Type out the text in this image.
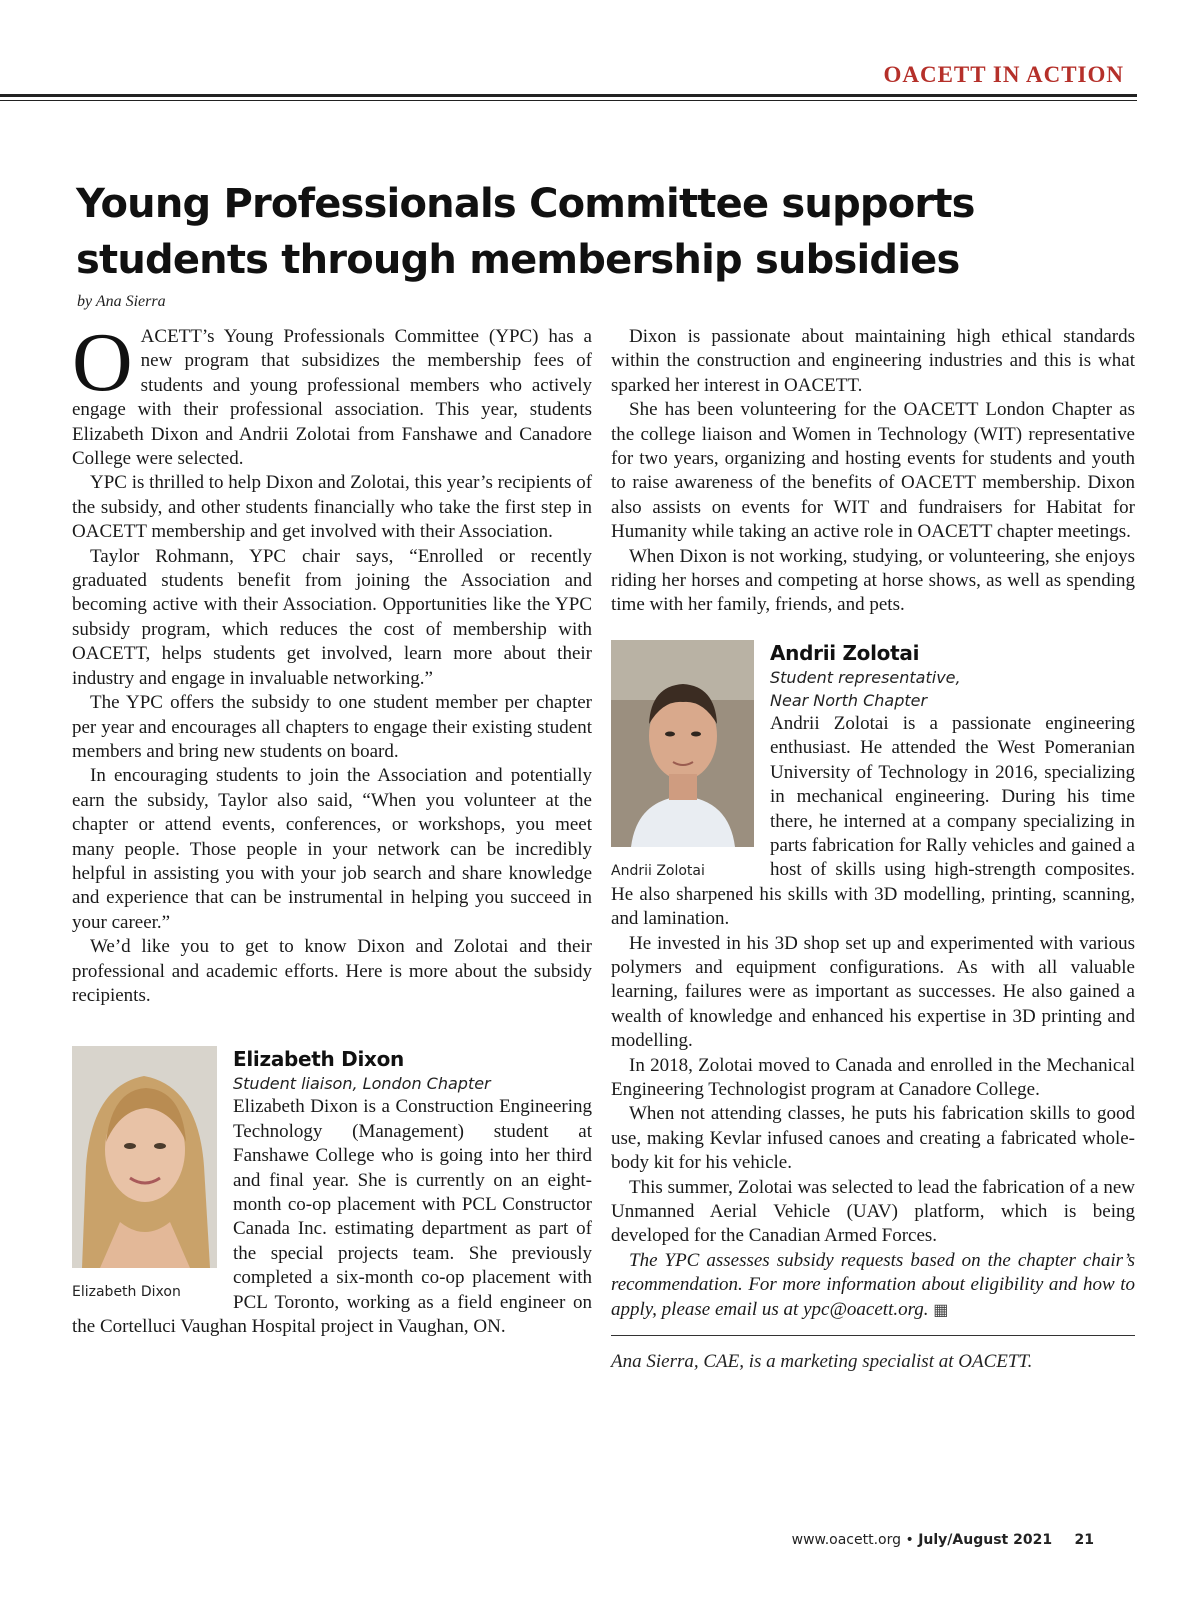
OACETT IN ACTION
Young Professionals Committee supports students through membership subsidies
by Ana Sierra

OACETT’s Young Professionals Committee (YPC) has a new program that subsidizes the membership fees of students and young professional members who actively engage with their professional association. This year, students Elizabeth Dixon and Andrii Zolotai from Fanshawe and Canadore College were selected.

YPC is thrilled to help Dixon and Zolotai, this year’s recipients of the subsidy, and other students financially who take the first step in OACETT membership and get involved with their Association.

Taylor Rohmann, YPC chair says, “Enrolled or recently graduated students benefit from joining the Association and becoming active with their Association. Opportunities like the YPC subsidy program, which reduces the cost of membership with OACETT, helps students get involved, learn more about their industry and engage in invaluable networking.”

The YPC offers the subsidy to one student member per chapter per year and encourages all chapters to engage their existing student members and bring new students on board.

In encouraging students to join the Association and potentially earn the subsidy, Taylor also said, “When you volunteer at the chapter or attend events, conferences, or workshops, you meet many people. Those people in your network can be incredibly helpful in assisting you with your job search and share knowledge and experience that can be instrumental in helping you succeed in your career.”

We’d like you to get to know Dixon and Zolotai and their professional and academic efforts. Here is more about the subsidy recipients.

Elizabeth Dixon
Elizabeth Dixon
Student liaison, London Chapter

Elizabeth Dixon is a Construction Engineering Technology (Management) student at Fanshawe College who is going into her third and final year. She is currently on an eight-month co-op placement with PCL Constructor Canada Inc. estimating department as part of the special projects team. She previously completed a six-month co-op placement with PCL Toronto, working as a field engineer on the Cortelluci Vaughan Hospital project in Vaughan, ON.

Dixon is passionate about maintaining high ethical standards within the construction and engineering industries and this is what sparked her interest in OACETT.

She has been volunteering for the OACETT London Chapter as the college liaison and Women in Technology (WIT) representative for two years, organizing and hosting events for students and youth to raise awareness of the benefits of OACETT membership. Dixon also assists on events for WIT and fundraisers for Habitat for Humanity while taking an active role in OACETT chapter meetings.

When Dixon is not working, studying, or volunteering, she enjoys riding her horses and competing at horse shows, as well as spending time with her family, friends, and pets.

Andrii Zolotai
Andrii Zolotai
Student representative,
Near North Chapter

Andrii Zolotai is a passionate engineering enthusiast. He attended the West Pomeranian University of Technology in 2016, specializing in mechanical engineering. During his time there, he interned at a company specializing in parts fabrication for Rally vehicles and gained a host of skills using high-strength composites. He also sharpened his skills with 3D modelling, printing, scanning, and lamination.

He invested in his 3D shop set up and experimented with various polymers and equipment configurations. As with all valuable learning, failures were as important as successes. He also gained a wealth of knowledge and enhanced his expertise in 3D printing and modelling.

In 2018, Zolotai moved to Canada and enrolled in the Mechanical Engineering Technologist program at Canadore College.

When not attending classes, he puts his fabrication skills to good use, making Kevlar infused canoes and creating a fabricated whole-body kit for his vehicle.

This summer, Zolotai was selected to lead the fabrication of a new Unmanned Aerial Vehicle (UAV) platform, which is being developed for the Canadian Armed Forces.

The YPC assesses subsidy requests based on the chapter chair’s recommendation. For more information about eligibility and how to apply, please email us at ypc@oacett.org. ▦

Ana Sierra, CAE, is a marketing specialist at OACETT.
www.oacett.org • July/August 2021 21
